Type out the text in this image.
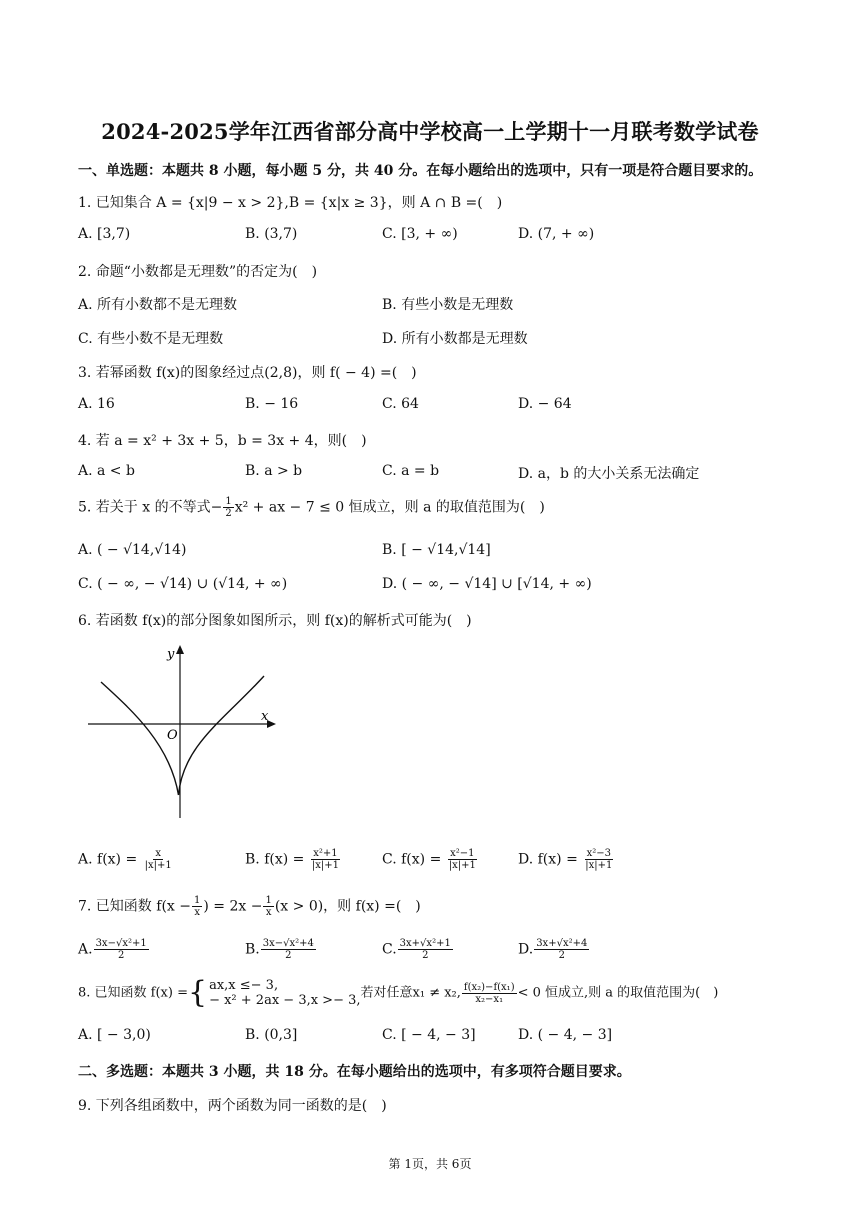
2024-2025学年江西省部分高中学校高一上学期十一月联考数学试卷
一、单选题：本题共 8 小题，每小题 5 分，共 40 分。在每小题给出的选项中，只有一项是符合题目要求的。
1. 已知集合 A = {x|9 − x > 2},B = {x|x ≥ 3}，则 A ∩ B =(　)
A. [3,7)	B. (3,7)	C. [3, + ∞)	D. (7, + ∞)
2. 命题“小数都是无理数”的否定为(　)
A. 所有小数都不是无理数	B. 有些小数是无理数
C. 有些小数不是无理数	D. 所有小数都是无理数
3. 若幂函数 f(x)的图象经过点(2,8)，则 f( − 4) =(　)
A. 16	B. − 16	C. 64	D. − 64
4. 若 a = x² + 3x + 5，b = 3x + 4，则(　)
A. a < b	B. a > b	C. a = b	D. a，b 的大小关系无法确定
5. 若关于 x 的不等式− $\frac{1}{2} x^2$ + ax − 7 ≤ 0 恒成立，则 a 的取值范围为(　)
A. ( − √14,√14)	B. [ − √14,√14]
C. ( − ∞, − √14) ∪ (√14, + ∞)	D. ( − ∞, − √14] ∪ [√14, + ∞)
6. 若函数 f(x)的部分图象如图所示，则 f(x)的解析式可能为(　)
x
y
O
A. $f(x) = \frac{x}{|x|+1}$	B. $f(x) = \frac{\text{x²+1}}{|x|+1}$	C. $f(x) = \frac{\text{x²−1}}{|x|+1}$	D. $f(x) = \frac{\text{x²−3}}{|x|+1}$
7. 已知函数 $f(x - \frac{1}{x}$ ) = $2x - \frac{1}{x} (x > 0)$，则 f(x) =(　)
A. $\frac{\text{3x−√x²+1}}{2}$	B. $\frac{\text{3x−√x²+4}}{2}$	C. $\frac{\text{3x+√x²+1}}{2}$	D. $\frac{\text{3x+√x²+4}}{2}$
8. 已知函数 f(x) = { ax,x ≤− 3,
− x² + 2ax − 3,x >− 3, 若对任意x₁ ≠ x₂, $\frac{\text{f(x₂)−f(x₁)}}{\text{x₂−x₁}} < 0$ 恒成立,则 a 的取值范围为(　)
A. [ − 3,0)	B. (0,3]	C. [ − 4, − 3]	D. ( − 4, − 3]
二、多选题：本题共 3 小题，共 18 分。在每小题给出的选项中，有多项符合题目要求。
9. 下列各组函数中，两个函数为同一函数的是(　)
第 1页，共 6页
